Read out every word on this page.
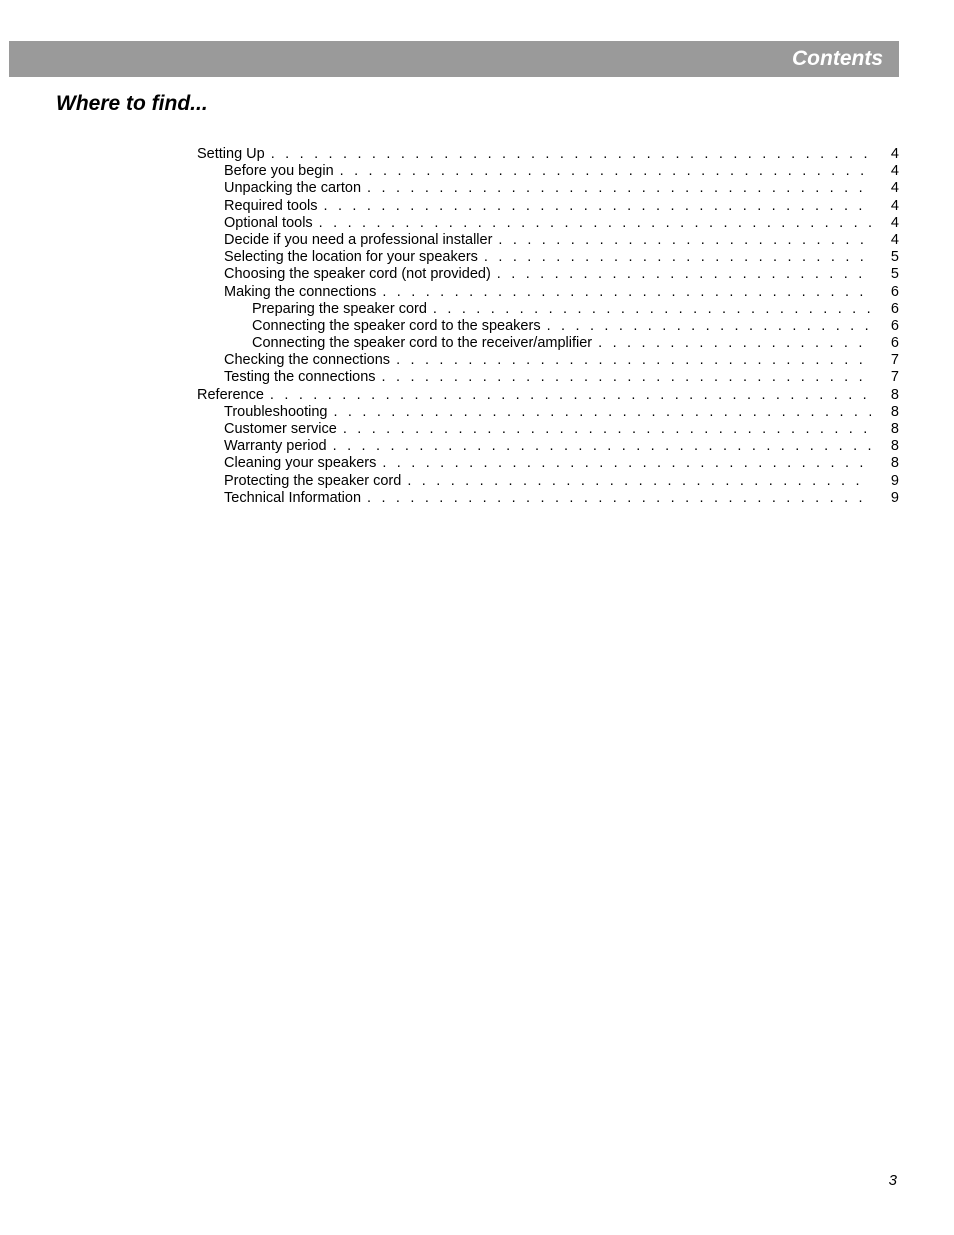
Contents
Where to find...
Setting Up . . .	4
Before you begin . . .	4
Unpacking the carton . . .	4
Required tools . . .	4
Optional tools . . .	4
Decide if you need a professional installer . . .	4
Selecting the location for your speakers . . .	5
Choosing the speaker cord (not provided) . . .	5
Making the connections . . .	6
Preparing the speaker cord . . .	6
Connecting the speaker cord to the speakers . . .	6
Connecting the speaker cord to the receiver/amplifier . . .	6
Checking the connections . . .	7
Testing the connections . . .	7
Reference . . .	8
Troubleshooting . . .	8
Customer service . . .	8
Warranty period . . .	8
Cleaning your speakers . . .	8
Protecting the speaker cord . . .	9
Technical Information . . .	9
3
